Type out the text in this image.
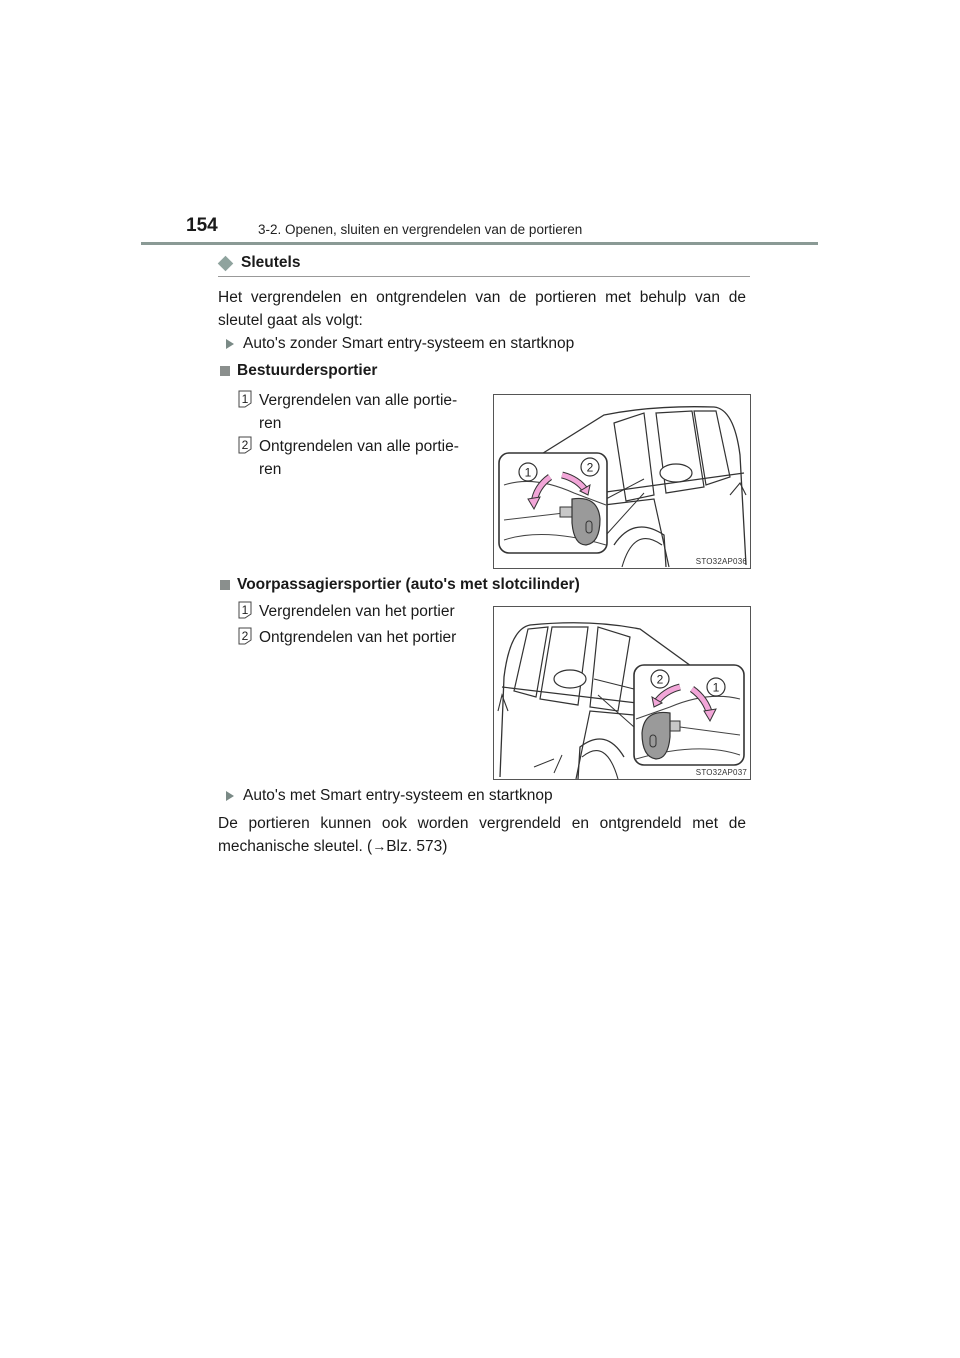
154	3-2. Openen, sluiten en vergrendelen van de portieren
Sleutels
Het vergrendelen en ontgrendelen van de portieren met behulp van de sleutel gaat als volgt:
Auto's zonder Smart entry-systeem en startknop
Bestuurdersportier
1 Vergrendelen van alle portie-
ren
2 Ontgrendelen van alle portie-
ren	1	2
STO32AP036
Voorpassagiersportier (auto's met slotcilinder)
1 Vergrendelen van het portier
2 Ontgrendelen van het portier
2
1
STO32AP037
Auto's met Smart entry-systeem en startknop
De portieren kunnen ook worden vergrendeld en ontgrendeld met de mechanische sleutel. (→Blz. 573)
